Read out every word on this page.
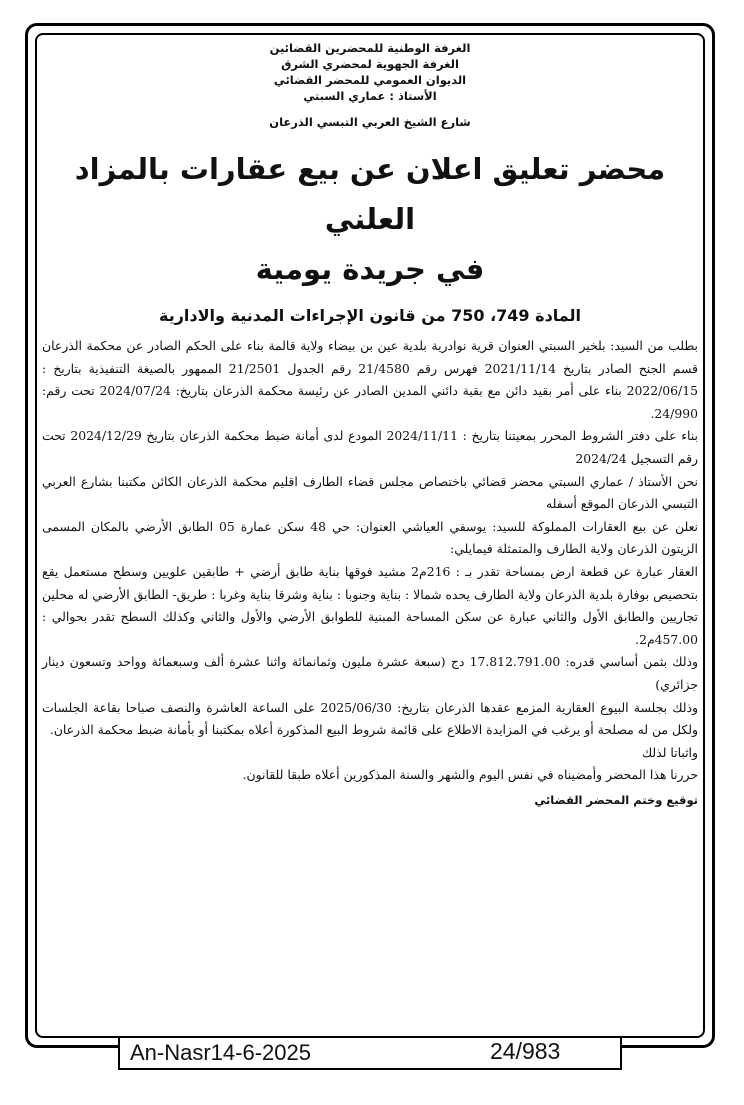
الغرفة الوطنية للمحضرين القضائين
الغرفة الجهوية لمحضري الشرق
الديوان العمومي للمحضر القضائي
الأستاذ : عماري السبتي
شارع الشيخ العربي التبسي الذرعان
محضر تعليق اعلان عن بيع عقارات بالمزاد العلني
في جريدة يومية
المادة 749، 750 من قانون الإجراءات المدنية والادارية

بطلب من السيد: بلخير السبتي العنوان قرية نوادرية بلدية عين بن بيضاء ولاية قالمة بناء على الحكم الصادر عن محكمة الذرعان قسم الجنح الصادر بتاريخ 2021/11/14 فهرس رقم 21/4580 رقم الجدول 21/2501 الممهور بالصيغة التنفيذية بتاريخ : 2022/06/15 بناء على أمر بقيد دائن مع بقية دائني المدين الصادر عن رئيسة محكمة الذرعان بتاريخ: 2024/07/24 تحت رقم: 24/990.

بناء على دفتر الشروط المحرر بمعيتنا بتاريخ : 2024/11/11 المودع لدى أمانة ضبط محكمة الذرعان بتاريخ 2024/12/29 تحت رقم التسجيل 2024/24

نحن الأستاذ / عماري السبتي محضر قضائي باختصاص مجلس قضاء الطارف اقليم محكمة الذرعان الكائن مكتبنا بشارع العربي التبسي الذرعان الموقع أسفله

نعلن عن بيع العقارات المملوكة للسيد: يوسفي العياشي العنوان: حي 48 سكن عمارة 05 الطابق الأرضي بالمكان المسمى الزيتون الذرعان ولاية الطارف والمتمثلة فيمايلي:

العقار عبارة عن قطعة ارض بمساحة تقدر بـ : 216م2 مشيد فوقها بناية طابق أرضي + طابقين علويين وسطح مستعمل يقع بتحصيص بوفارة بلدية الذرعان ولاية الطارف يحده شمالا : بناية وجنوبا : بناية وشرقا بناية وغربا : طريق- الطابق الأرضي له محلين تجاريين والطابق الأول والثاني عبارة عن سكن المساحة المبنية للطوابق الأرضي والأول والثاني وكذلك السطح تقدر بحوالي : 457.00م2.

وذلك بثمن أساسي قدره: 17.812.791.00 دج (سبعة عشرة مليون وثمانمائة واثنا عشرة ألف وسبعمائة وواحد وتسعون دينار جزائري)

وذلك بجلسة البيوع العقارية المزمع عقدها الذرعان بتاريخ: 2025/06/30 على الساعة العاشرة والنصف صباحا بقاعة الجلسات ولكل من له مصلحة أو يرغب في المزايدة الاطلاع على قائمة شروط البيع المذكورة أعلاه بمكتبنا أو بأمانة ضبط محكمة الذرعان.

واثباتا لذلك

حررنا هذا المحضر وأمضيناه في نفس اليوم والشهر والسنة المذكورين أعلاه طبقا للقانون.

توقيع وختم المحضر القضائي
An-Nasr14-6-2025	24/983
